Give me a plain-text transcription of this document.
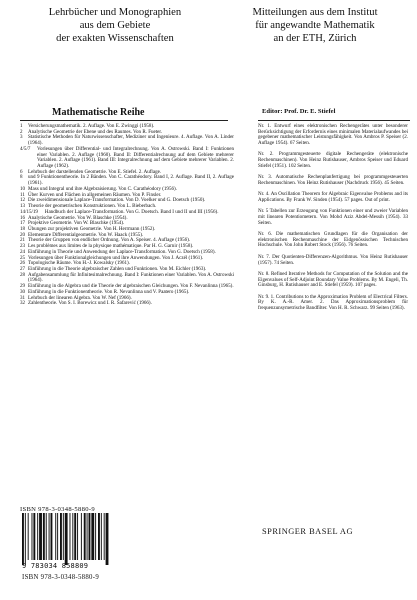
Lehrbücher und Monographien
aus dem Gebiete
der exakten Wissenschaften
Mitteilungen aus dem Institut
für angewandte Mathematik
an der ETH, Zürich
Mathematische Reihe	Editor: Prof. Dr. E. Stiefel
1	Versicherungsmathematik. 2. Auflage. Von E. Zwinggi (1958).
2	Analytische Geometrie der Ebene und des Raumes. Von R. Fueter.
3	Statistische Methoden für Naturwissenschafter, Mediziner und Ingenieure. 4. Auflage. Von A. Linder (1964).
4/5/7	Vorlesungen über Differential- und Integralrechnung. Von A. Ostrowski. Band I: Funktionen einer Variablen. 2. Auflage (1960). Band II: Differentialrechnung auf dem Gebiete mehrerer Variablen. 2. Auflage (1961). Band III: Integralrechnung auf dem Gebiete mehrerer Variablen. 2. Auflage (1962).
6	Lehrbuch der darstellenden Geometrie. Von E. Stiefel. 2. Auflage.
8	und 9 Funktionentheorie. In 2 Bänden. Von C. Carathéodory. Band I, 2. Auflage. Band II, 2. Auflage (1961).
10 Mass und Integral und ihre Algebraisierung. Von C. Carathéodory (1956).
11 Über Kurven und Flächen in allgemeinen Räumen. Von P. Finsler.
12 Die zweidimensionale Laplace-Transformation. Von D. Voelker und G. Doetsch (1950).
13 Theorie der geometrischen Konstruktionen. Von L. Bieberbach.
14/15/19	Handbuch der Laplace-Transformation. Von G. Doetsch. Band I und II und III (1956).
16 Analytische Geometrie. Von W. Blaschke (1954).
17 Projektive Geometrie. Von W. Blaschke (1954).
18 Übungen zur projektiven Geometrie. Von H. Herrmann (1952).
20 Elementare Differentialgeometrie. Von W. Haack (1955).
21 Theorie der Gruppen von endlicher Ordnung. Von A. Speiser. 4. Auflage (1956).
23 Les problèmes aux limites de la physique mathématique. Par H. G. Garnir (1958).
24 Einführung in Theorie und Anwendung der Laplace-Transformation. Von G. Doetsch (1958).
25 Vorlesungen über Funktionalgleichungen und ihre Anwendungen. Von J. Aczél (1961).
26 Topologische Räume. Von H.-J. Kowalsky (1961).
27 Einführung in die Theorie algebraischer Zahlen und Funktionen. Von M. Eichler (1963).
28 Aufgabensammlung für Infinitesimalrechnung. Band I: Funktionen einer Variablen. Von A. Ostrowski (1964).
29 Einführung in die Algebra und die Theorie der algebraischen Gleichungen. Von F. Nevanlinna (1965).
30 Einführung in die Funktionentheorie. Von R. Nevanlinna und V. Paatero (1965).
31 Lehrbuch der linearen Algebra. Von W. Nef (1966).
32 Zahlentheorie. Von S. I. Borewicz und I. R. Šafarević (1966).
Nr. 1. Entwurf eines elektronischen Rechengerätes unter besonderer Berücksichtigung der Erfordernis eines minimalen Materialaufwandes bei gegebener mathematischer Leistungsfähigkeit. Von Ambros P. Speiser (2. Auflage 1954). 67 Seiten.
Nr. 2. Programmgesteuerte digitale Rechengeräte (elektronische Rechenmaschinen). Von Heinz Rutishauser, Ambros Speiser und Eduard Stiefel (1951). 102 Seiten.
Nr. 3. Automatische Rechenplanfertigung bei programmgesteuerten Rechenmaschinen. Von Heinz Rutishauser (Nachdruck 1956). 45 Seiten.
Nr. 4. An Oscillation Theorem for Algebraic Eigenvalue Problems and its Applications. By Frank W. Sinden (1954). 57 pages. Out of print.
Nr. 5 Tabellen zur Erzeugung von Funktionen einer und zweier Variablen mit linearen Potentiometern. Von Mohd Aziz Abdel-Messih (1954). 33 Seiten.
Nr. 6. Die mathematischen Grundlagen für die Organisation der elektronischen Rechenmaschine der Eidgenössischen Technischen Hochschule. Von John Robert Stock (1956). 76 Seiten.
Nr. 7. Der Quotienten-Differenzen-Algorithmus. Von Heinz Rutishauser (1957). 74 Seiten.
Nr. 8. Refined Iterative Methods for Computation of the Solution and the Eigenvalues of Self-Adjoint Boundary Value Problems. By M. Engeli, Th. Ginsburg, H. Rutishauser and E. Stiefel (1959). 107 pages.
Nr. 9. 1. Contributions to the Approximation Problem of Electrical Filters. By K. A.-R. Amer. 2. Das Approximationsproblem für frequenzunsymetrische Bandfilter. Von H. R. Schwarz. 99 Seiten (1963).
ISBN 978-3-0348-5880-9
9 783034 858809
ISBN 978-3-0348-5880-9
SPRINGER BASEL AG
